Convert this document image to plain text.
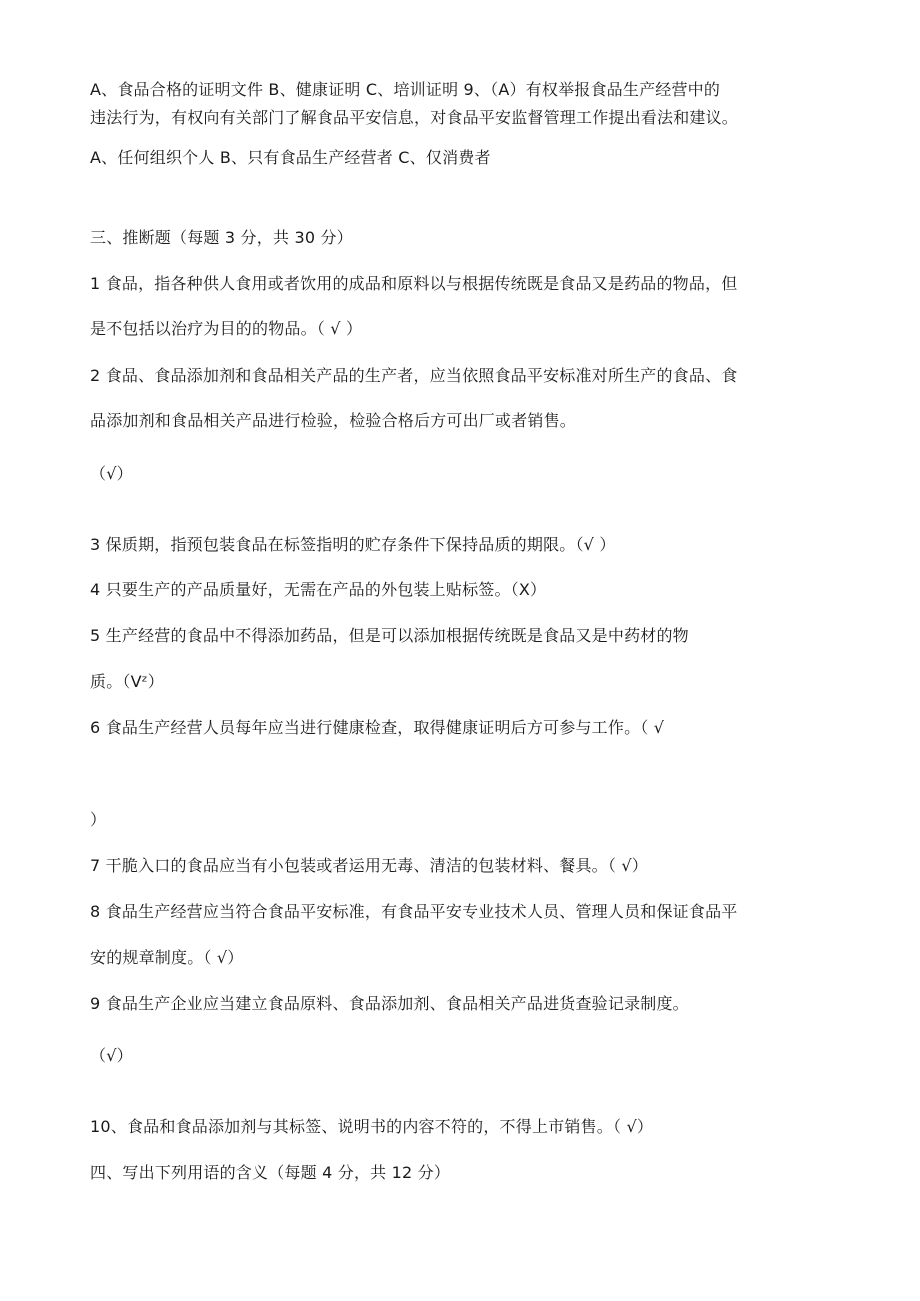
A、食品合格的证明文件 B、健康证明 C、培训证明 9、（A）有权举报食品生产经营中的
违法行为，有权向有关部门了解食品平安信息，对食品平安监督管理工作提出看法和建议。
A、任何组织个人 B、只有食品生产经营者 C、仅消费者
三、推断题（每题 3 分，共 30 分）
1 食品，指各种供人食用或者饮用的成品和原料以与根据传统既是食品又是药品的物品，但
是不包括以治疗为目的的物品。（ √ ）
2 食品、食品添加剂和食品相关产品的生产者，应当依照食品平安标准对所生产的食品、食
品添加剂和食品相关产品进行检验，检验合格后方可出厂或者销售。
（√）
3 保质期，指预包装食品在标签指明的贮存条件下保持品质的期限。（√ ）
4 只要生产的产品质量好，无需在产品的外包装上贴标签。（X）
5 生产经营的食品中不得添加药品，但是可以添加根据传统既是食品又是中药材的物
质。（Vᶻ）
6 食品生产经营人员每年应当进行健康检查，取得健康证明后方可参与工作。（ √
）
7 干脆入口的食品应当有小包装或者运用无毒、清洁的包装材料、餐具。（ √）
8 食品生产经营应当符合食品平安标准，有食品平安专业技术人员、管理人员和保证食品平
安的规章制度。（ √）
9 食品生产企业应当建立食品原料、食品添加剂、食品相关产品进货查验记录制度。
（√）
10、食品和食品添加剂与其标签、说明书的内容不符的，不得上市销售。（ √）
四、写出下列用语的含义（每题 4 分，共 12 分）
